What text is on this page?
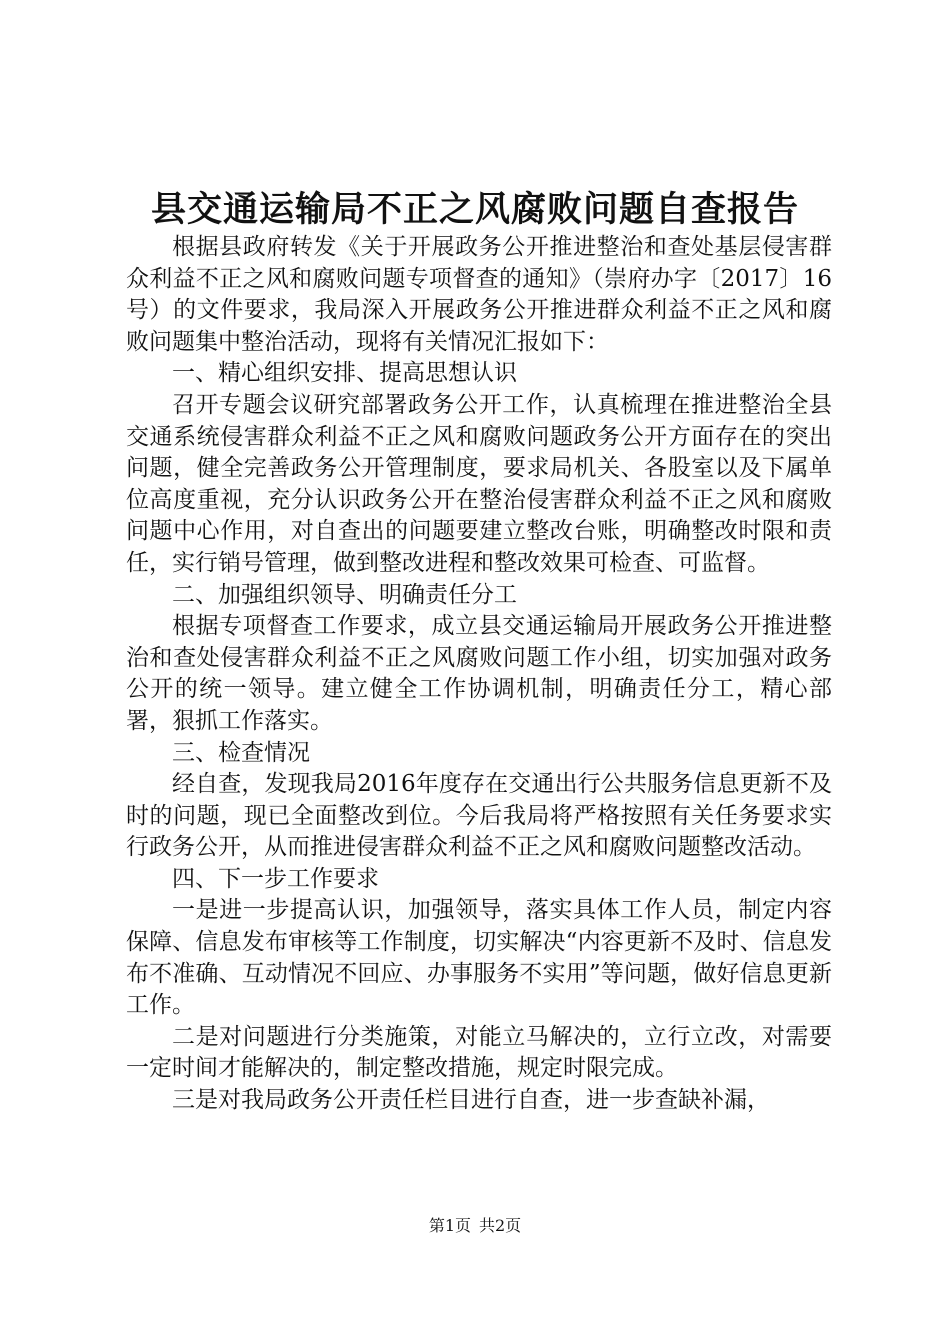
县交通运输局不正之风腐败问题自查报告

根据县政府转发《关于开展政务公开推进整治和查处基层侵害群众利益不正之风和腐败问题专项督查的通知》（崇府办字〔2017〕16号）的文件要求，我局深入开展政务公开推进群众利益不正之风和腐败问题集中整治活动，现将有关情况汇报如下：

一、精心组织安排、提高思想认识

召开专题会议研究部署政务公开工作，认真梳理在推进整治全县交通系统侵害群众利益不正之风和腐败问题政务公开方面存在的突出问题，健全完善政务公开管理制度，要求局机关、各股室以及下属单位高度重视，充分认识政务公开在整治侵害群众利益不正之风和腐败问题中心作用，对自查出的问题要建立整改台账，明确整改时限和责任，实行销号管理，做到整改进程和整改效果可检查、可监督。

二、加强组织领导、明确责任分工

根据专项督查工作要求，成立县交通运输局开展政务公开推进整治和查处侵害群众利益不正之风腐败问题工作小组，切实加强对政务公开的统一领导。建立健全工作协调机制，明确责任分工，精心部署，狠抓工作落实。

三、检查情况

经自查，发现我局2016年度存在交通出行公共服务信息更新不及时的问题，现已全面整改到位。今后我局将严格按照有关任务要求实行政务公开，从而推进侵害群众利益不正之风和腐败问题整改活动。

四、下一步工作要求

一是进一步提高认识，加强领导，落实具体工作人员，制定内容保障、信息发布审核等工作制度，切实解决“内容更新不及时、信息发布不准确、互动情况不回应、办事服务不实用”等问题，做好信息更新工作。

二是对问题进行分类施策，对能立马解决的，立行立改，对需要一定时间才能解决的，制定整改措施，规定时限完成。

三是对我局政务公开责任栏目进行自查，进一步查缺补漏，

第1页 共2页
